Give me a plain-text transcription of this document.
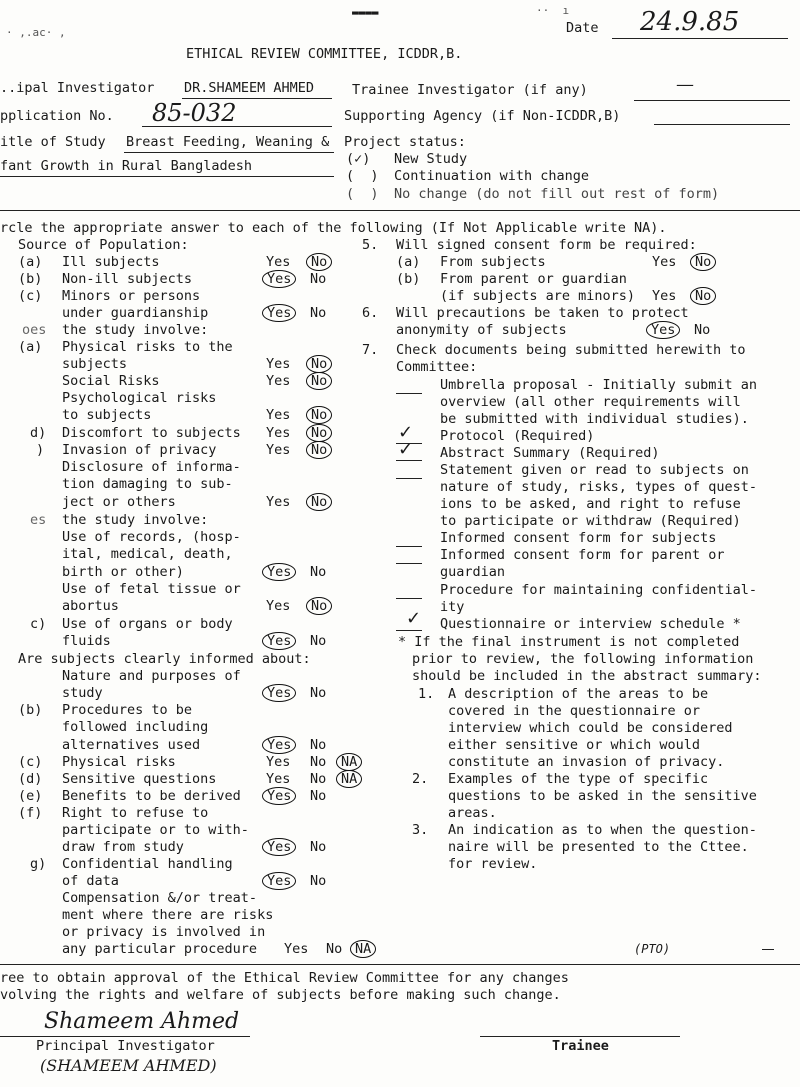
· ,.ac· ,
▬▬▬▬	··  ı
Date 24.9.85
ETHICAL REVIEW COMMITTEE, ICDDR,B.
..ipal Investigator DR.SHAMEEM AHMED	Trainee Investigator (if any)	—
pplication No. 85-032	Supporting Agency (if Non-ICDDR,B)
itle of Study Breast Feeding, Weaning &
fant Growth in Rural Bangladesh
Project status:
(✓) New Study
(  ) Continuation with change
(  ) No change (do not fill out rest of form)
rcle the appropriate answer to each of the following (If Not Applicable write NA).
Source of Population:
(a) Ill subjects	Yes No
(b) Non-ill subjects	Yes	No
(c) Minors or persons
under guardianship	Yes	No
oes the study involve:
(a) Physical risks to the
subjects	Yes No
Social Risks	Yes No
Psychological risks
to subjects	Yes No
d) Discomfort to subjects Yes No
) Invasion of privacy	Yes No
Disclosure of informa-
tion damaging to sub-
ject or others	Yes No
es the study involve:
Use of records, (hosp-
ital, medical, death,
birth or other)	Yes	No
Use of fetal tissue or
abortus	Yes No
c) Use of organs or body
fluids	Yes	No
Are subjects clearly informed about:
Nature and purposes of
study	Yes	No
(b) Procedures to be
followed including
alternatives used	Yes	No
(c) Physical risks	Yes No NA
(d) Sensitive questions	Yes No NA
(e) Benefits to be derived Yes	No
(f) Right to refuse to
participate or to with-
draw from study	Yes	No
g) Confidential handling
of data	Yes	No
Compensation &/or treat-
ment where there are risks
or privacy is involved in
any particular procedure Yes No NA
5. Will signed consent form be required:
(a) From subjects	Yes No
(b) From parent or guardian
(if subjects are minors) Yes No
6. Will precautions be taken to protect
anonymity of subjects	Yes	No
7. Check documents being submitted herewith to
Committee:
Umbrella proposal - Initially submit an
overview (all other requirements will
be submitted with individual studies).
✓ Protocol (Required)
✓ Abstract Summary (Required)
Statement given or read to subjects on
nature of study, risks, types of quest-
ions to be asked, and right to refuse
to participate or withdraw (Required)
Informed consent form for subjects
Informed consent form for parent or
guardian
Procedure for maintaining confidential-
ity
✓ Questionnaire or interview schedule *
* If the final instrument is not completed
prior to review, the following information
should be included in the abstract summary:
1. A description of the areas to be
covered in the questionnaire or
interview which could be considered
either sensitive or which would
constitute an invasion of privacy.
2. Examples of the type of specific
questions to be asked in the sensitive
areas.
3. An indication as to when the question-
naire will be presented to the Cttee.
for review.
(PTO)
ree to obtain approval of the Ethical Review Committee for any changes
volving the rights and welfare of subjects before making such change.
Shameem Ahmed
Principal Investigator
(SHAMEEM AHMED)
Trainee
